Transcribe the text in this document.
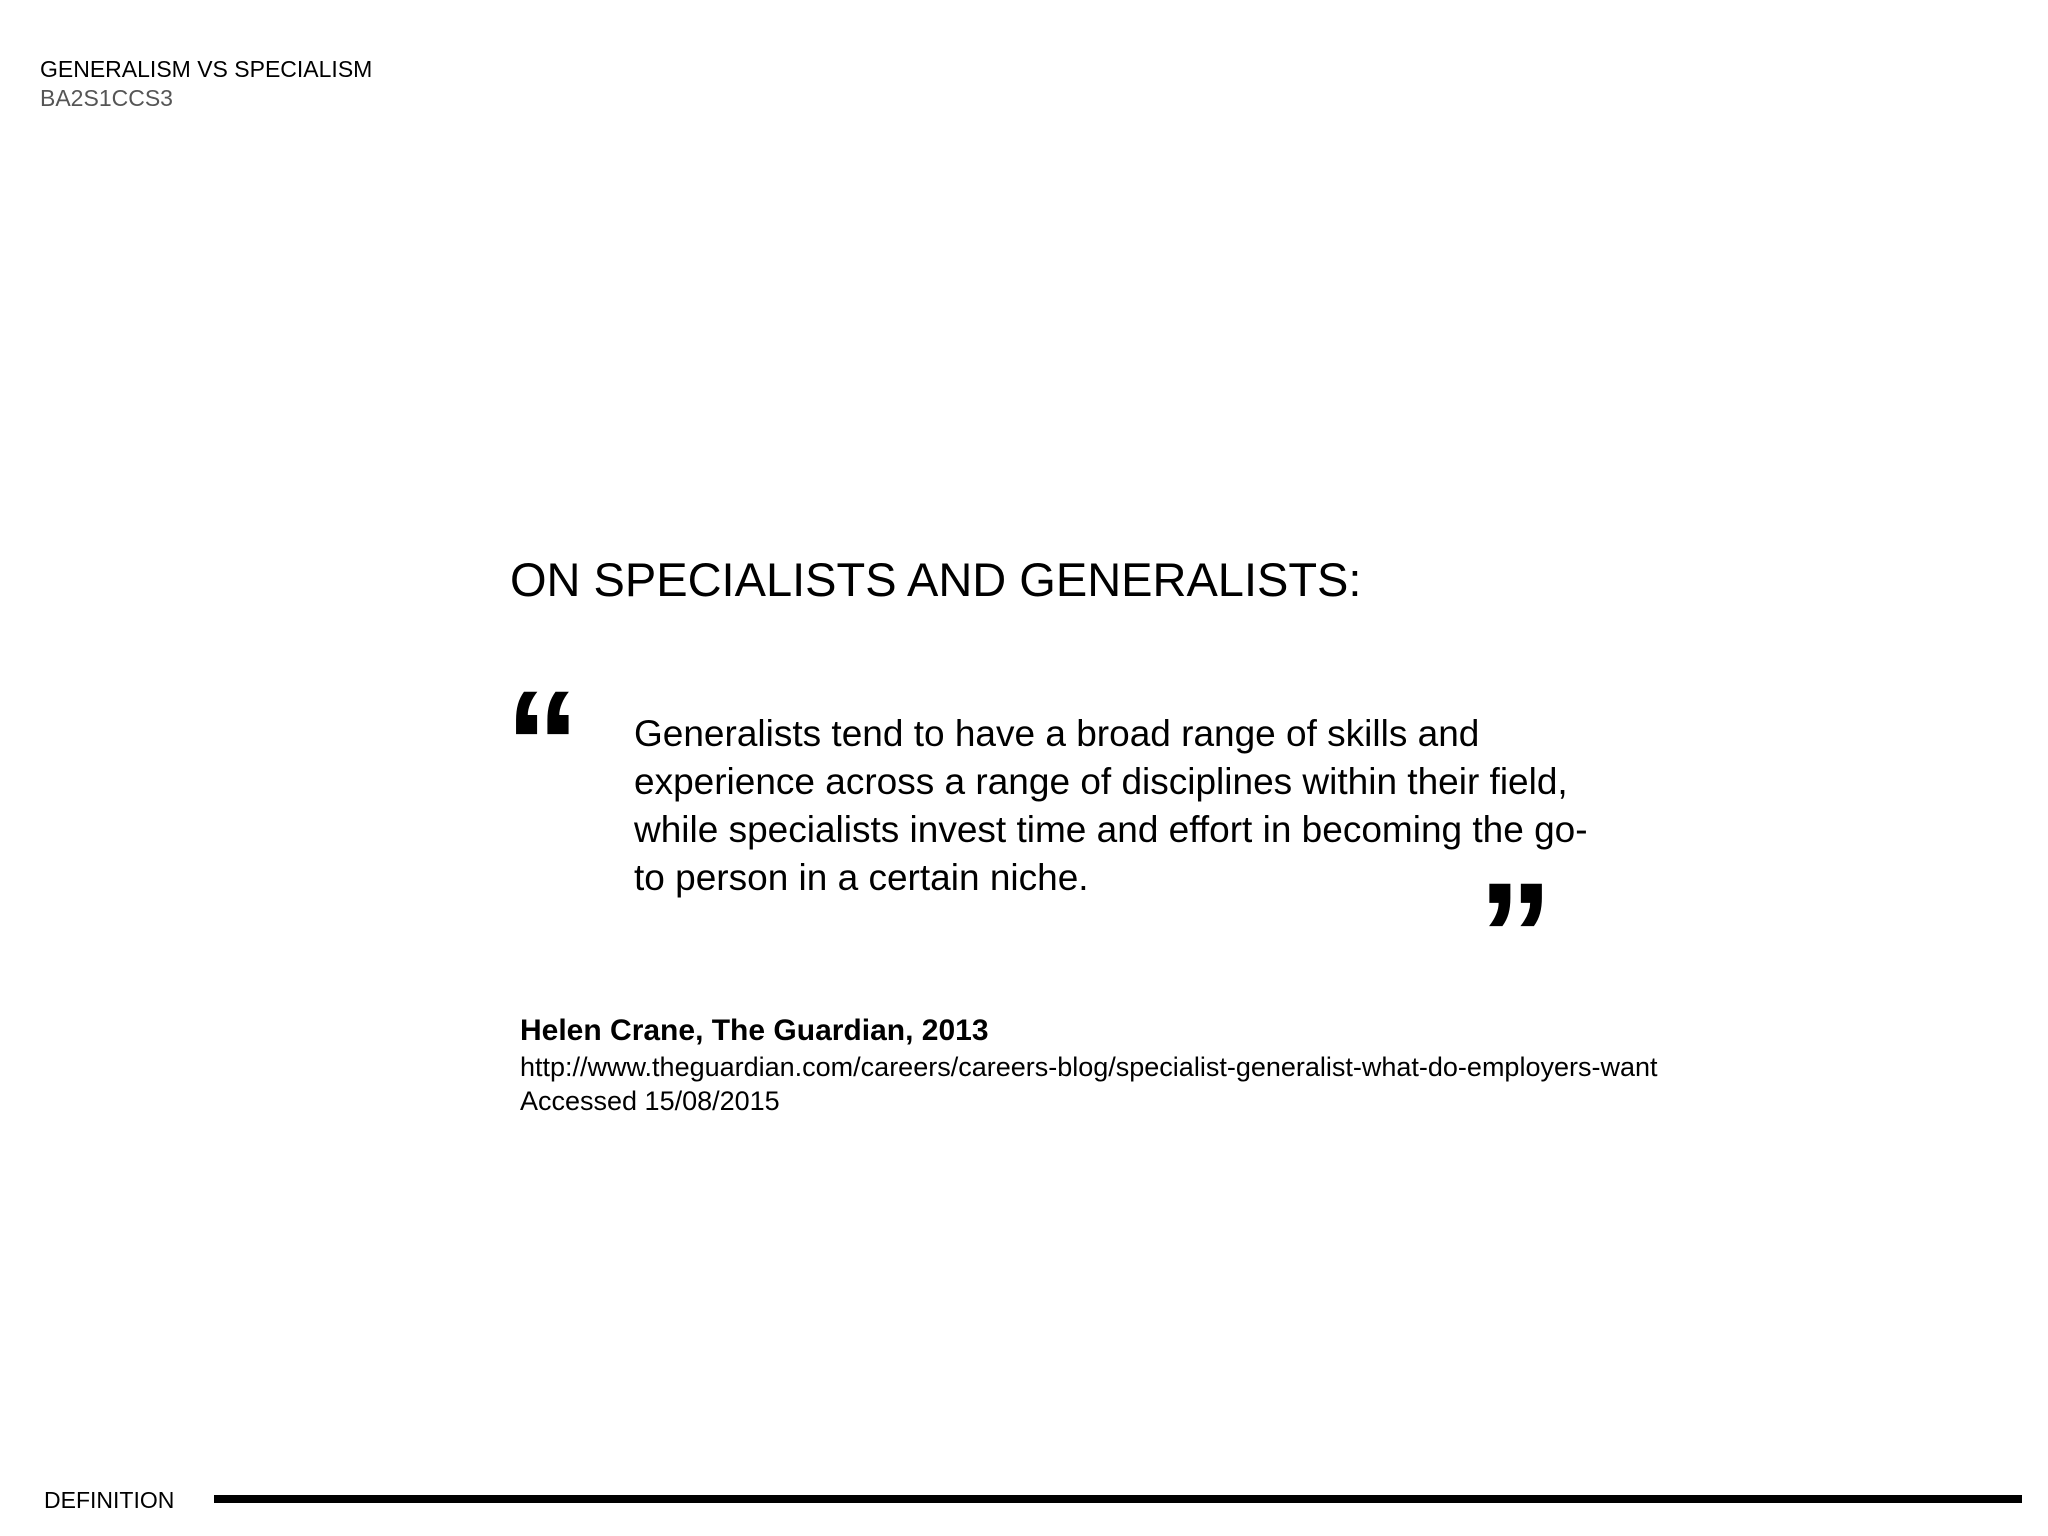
GENERALISM VS SPECIALISM
BA2S1CCS3
ON SPECIALISTS AND GENERALISTS:
“ Generalists tend to have a broad range of skills and experience across a range of disciplines within their field, while specialists invest time and effort in becoming the go-to person in a certain niche.	”
Helen Crane, The Guardian, 2013
http://www.theguardian.com/careers/careers-blog/specialist-generalist-what-do-employers-want
Accessed 15/08/2015
DEFINITION
